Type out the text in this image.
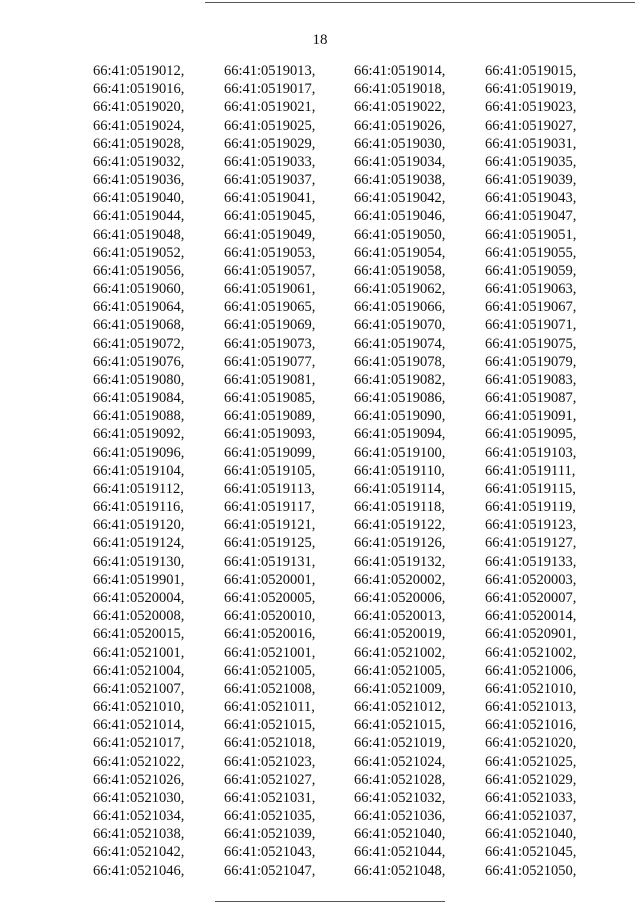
18
66:41:0519012,	66:41:0519013,	66:41:0519014,	66:41:0519015,
66:41:0519016,	66:41:0519017,	66:41:0519018,	66:41:0519019,
66:41:0519020,	66:41:0519021,	66:41:0519022,	66:41:0519023,
66:41:0519024,	66:41:0519025,	66:41:0519026,	66:41:0519027,
66:41:0519028,	66:41:0519029,	66:41:0519030,	66:41:0519031,
66:41:0519032,	66:41:0519033,	66:41:0519034,	66:41:0519035,
66:41:0519036,	66:41:0519037,	66:41:0519038,	66:41:0519039,
66:41:0519040,	66:41:0519041,	66:41:0519042,	66:41:0519043,
66:41:0519044,	66:41:0519045,	66:41:0519046,	66:41:0519047,
66:41:0519048,	66:41:0519049,	66:41:0519050,	66:41:0519051,
66:41:0519052,	66:41:0519053,	66:41:0519054,	66:41:0519055,
66:41:0519056,	66:41:0519057,	66:41:0519058,	66:41:0519059,
66:41:0519060,	66:41:0519061,	66:41:0519062,	66:41:0519063,
66:41:0519064,	66:41:0519065,	66:41:0519066,	66:41:0519067,
66:41:0519068,	66:41:0519069,	66:41:0519070,	66:41:0519071,
66:41:0519072,	66:41:0519073,	66:41:0519074,	66:41:0519075,
66:41:0519076,	66:41:0519077,	66:41:0519078,	66:41:0519079,
66:41:0519080,	66:41:0519081,	66:41:0519082,	66:41:0519083,
66:41:0519084,	66:41:0519085,	66:41:0519086,	66:41:0519087,
66:41:0519088,	66:41:0519089,	66:41:0519090,	66:41:0519091,
66:41:0519092,	66:41:0519093,	66:41:0519094,	66:41:0519095,
66:41:0519096,	66:41:0519099,	66:41:0519100,	66:41:0519103,
66:41:0519104,	66:41:0519105,	66:41:0519110,	66:41:0519111,
66:41:0519112,	66:41:0519113,	66:41:0519114,	66:41:0519115,
66:41:0519116,	66:41:0519117,	66:41:0519118,	66:41:0519119,
66:41:0519120,	66:41:0519121,	66:41:0519122,	66:41:0519123,
66:41:0519124,	66:41:0519125,	66:41:0519126,	66:41:0519127,
66:41:0519130,	66:41:0519131,	66:41:0519132,	66:41:0519133,
66:41:0519901,	66:41:0520001,	66:41:0520002,	66:41:0520003,
66:41:0520004,	66:41:0520005,	66:41:0520006,	66:41:0520007,
66:41:0520008,	66:41:0520010,	66:41:0520013,	66:41:0520014,
66:41:0520015,	66:41:0520016,	66:41:0520019,	66:41:0520901,
66:41:0521001,	66:41:0521001,	66:41:0521002,	66:41:0521002,
66:41:0521004,	66:41:0521005,	66:41:0521005,	66:41:0521006,
66:41:0521007,	66:41:0521008,	66:41:0521009,	66:41:0521010,
66:41:0521010,	66:41:0521011,	66:41:0521012,	66:41:0521013,
66:41:0521014,	66:41:0521015,	66:41:0521015,	66:41:0521016,
66:41:0521017,	66:41:0521018,	66:41:0521019,	66:41:0521020,
66:41:0521022,	66:41:0521023,	66:41:0521024,	66:41:0521025,
66:41:0521026,	66:41:0521027,	66:41:0521028,	66:41:0521029,
66:41:0521030,	66:41:0521031,	66:41:0521032,	66:41:0521033,
66:41:0521034,	66:41:0521035,	66:41:0521036,	66:41:0521037,
66:41:0521038,	66:41:0521039,	66:41:0521040,	66:41:0521040,
66:41:0521042,	66:41:0521043,	66:41:0521044,	66:41:0521045,
66:41:0521046,	66:41:0521047,	66:41:0521048,	66:41:0521050,
